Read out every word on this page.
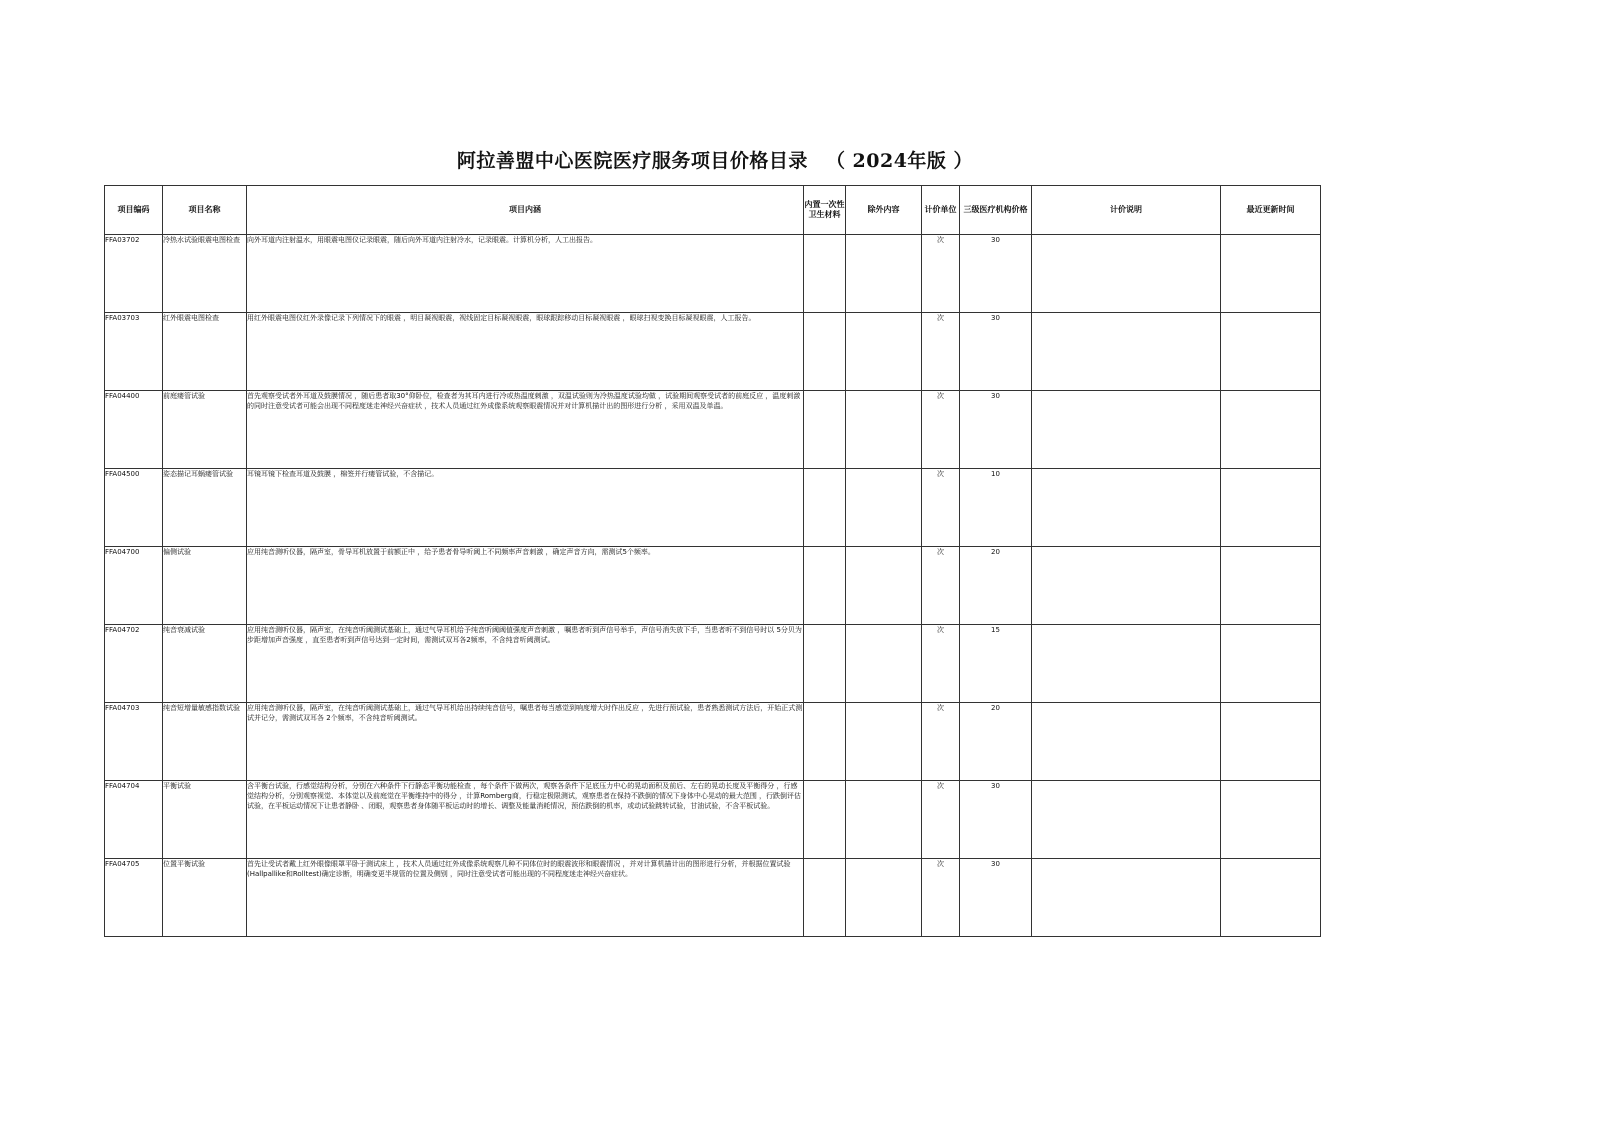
阿拉善盟中心医院医疗服务项目价格目录 （ 2024年版 ）
项目编码	项目名称	项目内涵	内置一次性卫生材料	除外内容	计价单位	三级医疗机构价格	计价说明	最近更新时间
FFA03702	冷热水试验眼震电图检查	向外耳道内注射温水，用眼震电图仪记录眼震，随后向外耳道内注射冷水，记录眼震。计算机分析，人工出报告。			次	30		
FFA03703	红外眼震电图检查	用红外眼震电图仪红外录像记录下列情况下的眼震 ，明目凝视眼震，视线固定目标凝视眼震，眼球跟踪移动目标凝视眼震 ，眼球扫视变换目标凝视眼震，人工报告。			次	30		
FFA04400	前庭瘘管试验	首先观察受试者外耳道及鼓膜情况 ，随后患者取30°仰卧位，检查者为其耳内进行冷或热温度刺激 ，双温试验则为冷热温度试验均做 ，试验期间观察受试者的前庭反应 ，温度刺激的同时注意受试者可能会出现不同程度迷走神经兴奋症状 ，技术人员通过红外成像系统观察眼震情况并对计算机描计出的图形进行分析 ，采用双温及单温。			次	30		
FFA04500	姿态描记耳蜗瘘管试验	耳镜耳镜下检查耳道及鼓膜 ，棉签并行瘘管试验，不含描记。			次	10		
FFA04700	偏侧试验	应用纯音测听仪器，隔声室，骨导耳机放置于前额正中 ，给予患者骨导听阈上不同频率声音刺激 ，确定声音方向，需测试5个频率。			次	20		
FFA04702	纯音衰减试验	应用纯音测听仪器，隔声室，在纯音听阈测试基础上，通过气导耳机给予纯音听阈阈值强度声音刺激 ，嘱患者听到声信号举手，声信号消失放下手，当患者听不到信号时以 5分贝为步距增加声音强度 ，直至患者听到声信号达到一定时间，需测试双耳各2频率，不含纯音听阈测试。			次	15		
FFA04703	纯音短增量敏感指数试验	应用纯音测听仪器，隔声室，在纯音听阈测试基础上，通过气导耳机给出持续纯音信号，嘱患者每当感觉到响度增大时作出反应 ，先进行预试验，患者熟悉测试方法后，开始正式测试并记分，需测试双耳各 2个频率，不含纯音听阈测试。			次	20		
FFA04704	平衡试验	含平衡台试验，行感觉结构分析，分别在六种条件下行静态平衡功能检查 ，每个条件下做两次，观察各条件下足底压力中心的晃动面积及前后、左右的晃动长度及平衡得分 ，行感觉结构分析，分别观察视觉、本体觉以及前庭觉在平衡维持中的得分 ，计算Romberg商，行稳定极限测试，观察患者在保持不跌倒的情况下身体中心晃动的最大范围 ，行跌倒评估试验，在平板运动情况下让患者静卧 、闭眼，观察患者身体随平板运动时的增长、调整及能量消耗情况，预估跌倒的机率，或动试验跳转试验，甘油试验，不含平板试验。			次	30		
FFA04705	位置平衡试验	首先让受试者戴上红外眼像眼罩平卧于测试床上 ，技术人员通过红外成像系统观察几种不同体位时的眼震波形和眼震情况 ，并对计算机描计出的图形进行分析，并根据位置试验 (Hallpallike和Rolltest)确定诊断，明确变更半规管的位置及侧别 ，同时注意受试者可能出现的不同程度迷走神经兴奋症状。			次	30		
